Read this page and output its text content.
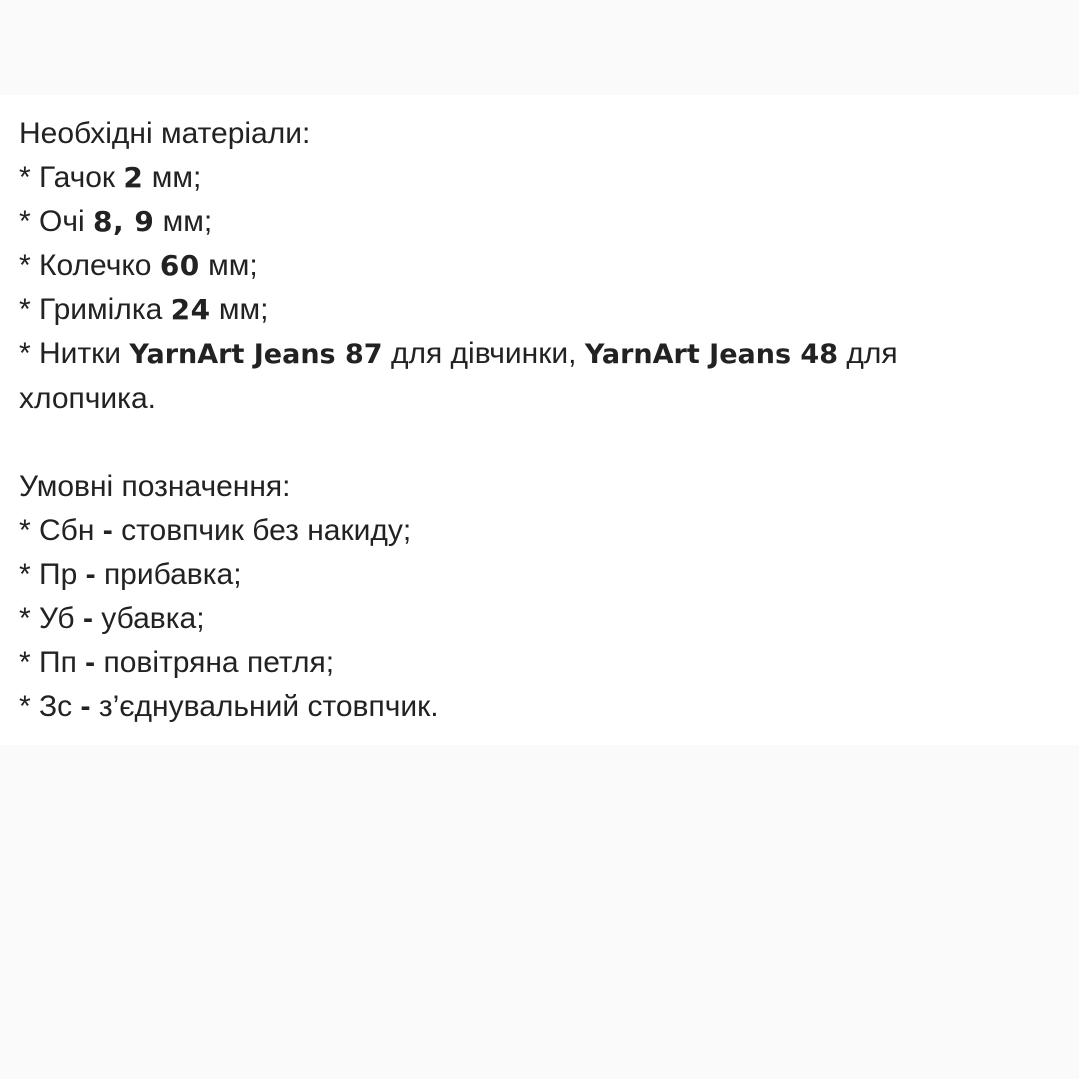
Необхідні матеріали:

* Гачок 2 мм;

* Очі 8, 9 мм;

* Колечко 60 мм;

* Гримілка 24 мм;

* Нитки YarnArt Jeans 87 для дівчинки, YarnArt Jeans 48 для

хлопчика.

Умовні позначення:

* Сбн - стовпчик без накиду;

* Пр - прибавка;

* Уб - убавка;

* Пп - повітряна петля;

* Зс - з’єднувальний стовпчик.
